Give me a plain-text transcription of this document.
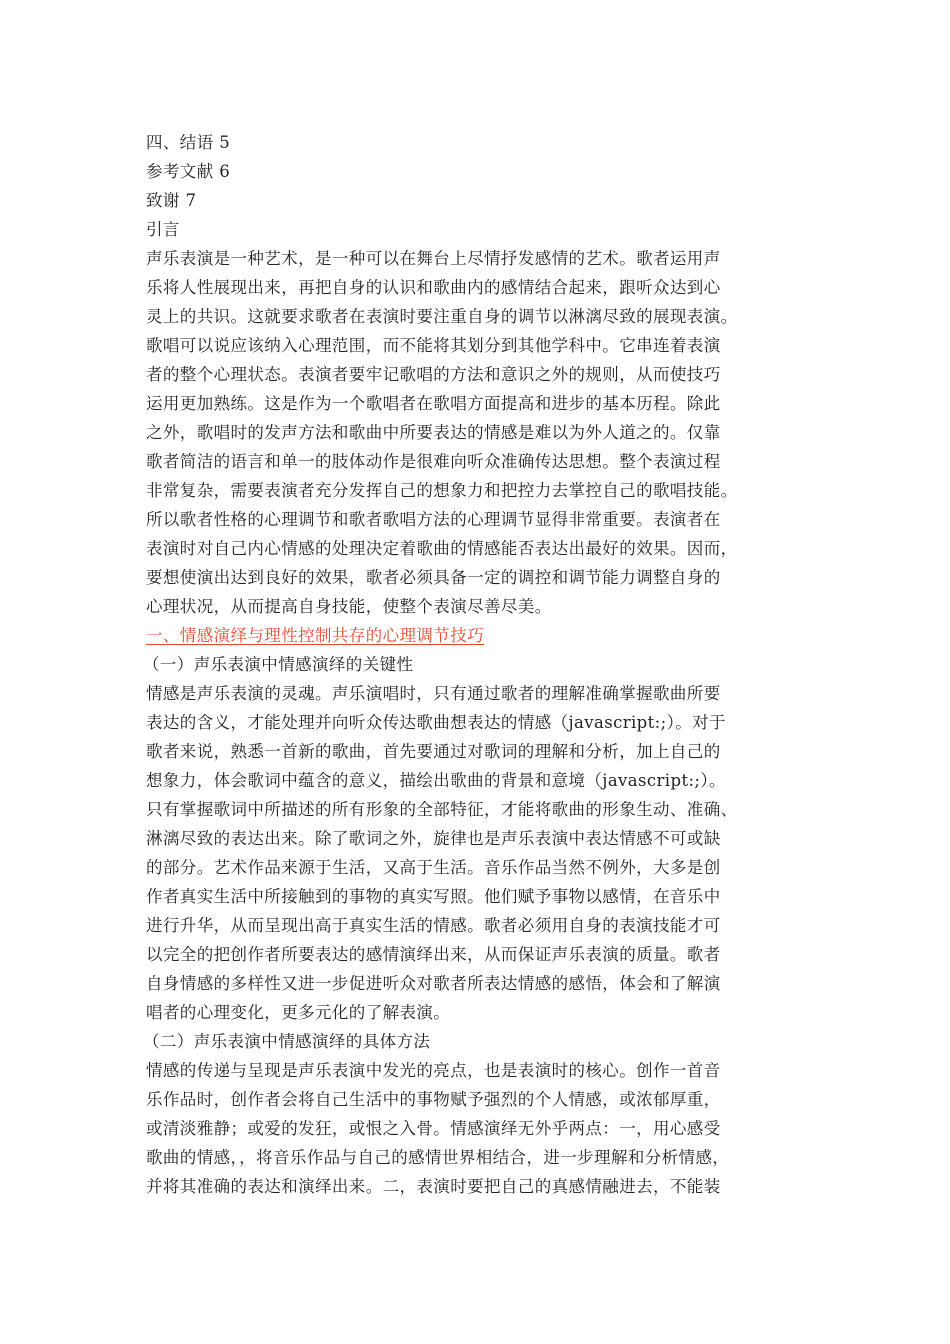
四、结语 5
参考文献 6
致谢 7
引言
声乐表演是一种艺术，是一种可以在舞台上尽情抒发感情的艺术。歌者运用声
乐将人性展现出来，再把自身的认识和歌曲内的感情结合起来，跟听众达到心
灵上的共识。这就要求歌者在表演时要注重自身的调节以淋漓尽致的展现表演。
歌唱可以说应该纳入心理范围，而不能将其划分到其他学科中。它串连着表演
者的整个心理状态。表演者要牢记歌唱的方法和意识之外的规则，从而使技巧
运用更加熟练。这是作为一个歌唱者在歌唱方面提高和进步的基本历程。除此
之外，歌唱时的发声方法和歌曲中所要表达的情感是难以为外人道之的。仅靠
歌者简洁的语言和单一的肢体动作是很难向听众准确传达思想。整个表演过程
非常复杂，需要表演者充分发挥自己的想象力和把控力去掌控自己的歌唱技能。
所以歌者性格的心理调节和歌者歌唱方法的心理调节显得非常重要。表演者在
表演时对自己内心情感的处理决定着歌曲的情感能否表达出最好的效果。因而，
要想使演出达到良好的效果，歌者必须具备一定的调控和调节能力调整自身的
心理状况，从而提高自身技能，使整个表演尽善尽美。
一、情感演绎与理性控制共存的心理调节技巧
（一）声乐表演中情感演绎的关键性
情感是声乐表演的灵魂。声乐演唱时，只有通过歌者的理解准确掌握歌曲所要
表达的含义，才能处理并向听众传达歌曲想表达的情感（javascript:;）。对于
歌者来说，熟悉一首新的歌曲，首先要通过对歌词的理解和分析，加上自己的
想象力，体会歌词中蕴含的意义，描绘出歌曲的背景和意境（javascript:;）。
只有掌握歌词中所描述的所有形象的全部特征，才能将歌曲的形象生动、准确、
淋漓尽致的表达出来。除了歌词之外，旋律也是声乐表演中表达情感不可或缺
的部分。艺术作品来源于生活，又高于生活。音乐作品当然不例外，大多是创
作者真实生活中所接触到的事物的真实写照。他们赋予事物以感情，在音乐中
进行升华，从而呈现出高于真实生活的情感。歌者必须用自身的表演技能才可
以完全的把创作者所要表达的感情演绎出来，从而保证声乐表演的质量。歌者
自身情感的多样性又进一步促进听众对歌者所表达情感的感悟，体会和了解演
唱者的心理变化，更多元化的了解表演。
（二）声乐表演中情感演绎的具体方法
情感的传递与呈现是声乐表演中发光的亮点，也是表演时的核心。创作一首音
乐作品时，创作者会将自己生活中的事物赋予强烈的个人情感，或浓郁厚重，
或清淡雅静；或爱的发狂，或恨之入骨。情感演绎无外乎两点：一，用心感受
歌曲的情感，，将音乐作品与自己的感情世界相结合，进一步理解和分析情感，
并将其准确的表达和演绎出来。二，表演时要把自己的真感情融进去，不能装
